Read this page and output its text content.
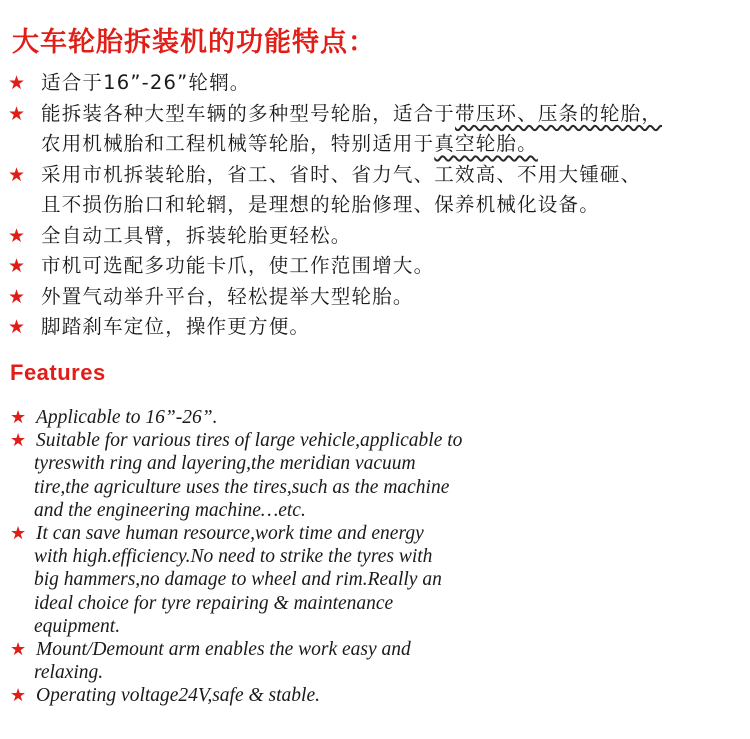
大车轮胎拆装机的功能特点：
★ 适合于16”-26”轮辋。
★ 能拆装各种大型车辆的多种型号轮胎，适合于带压环、压条的轮胎，
农用机械胎和工程机械等轮胎，特别适用于真空轮胎。
★ 采用市机拆装轮胎，省工、省时、省力气、工效高、不用大锺砸、
且不损伤胎口和轮辋，是理想的轮胎修理、保养机械化设备。
★ 全自动工具臂，拆装轮胎更轻松。
★ 市机可选配多功能卡爪，使工作范围增大。
★ 外置气动举升平台，轻松提举大型轮胎。
★ 脚踏刹车定位，操作更方便。
Features
★ Applicable to 16”-26”.
★ Suitable for various tires of large vehicle,applicable to
tyreswith ring and layering,the meridian vacuum
tire,the agriculture uses the tires,such as the machine
and the engineering machine…etc.
★ It can save human resource,work time and energy
with high.efficiency.No need to strike the tyres with
big hammers,no damage to wheel and rim.Really an
ideal choice for tyre repairing & maintenance
equipment.
★ Mount/Demount arm enables the work easy and
relaxing.
★ Operating voltage24V,safe & stable.
